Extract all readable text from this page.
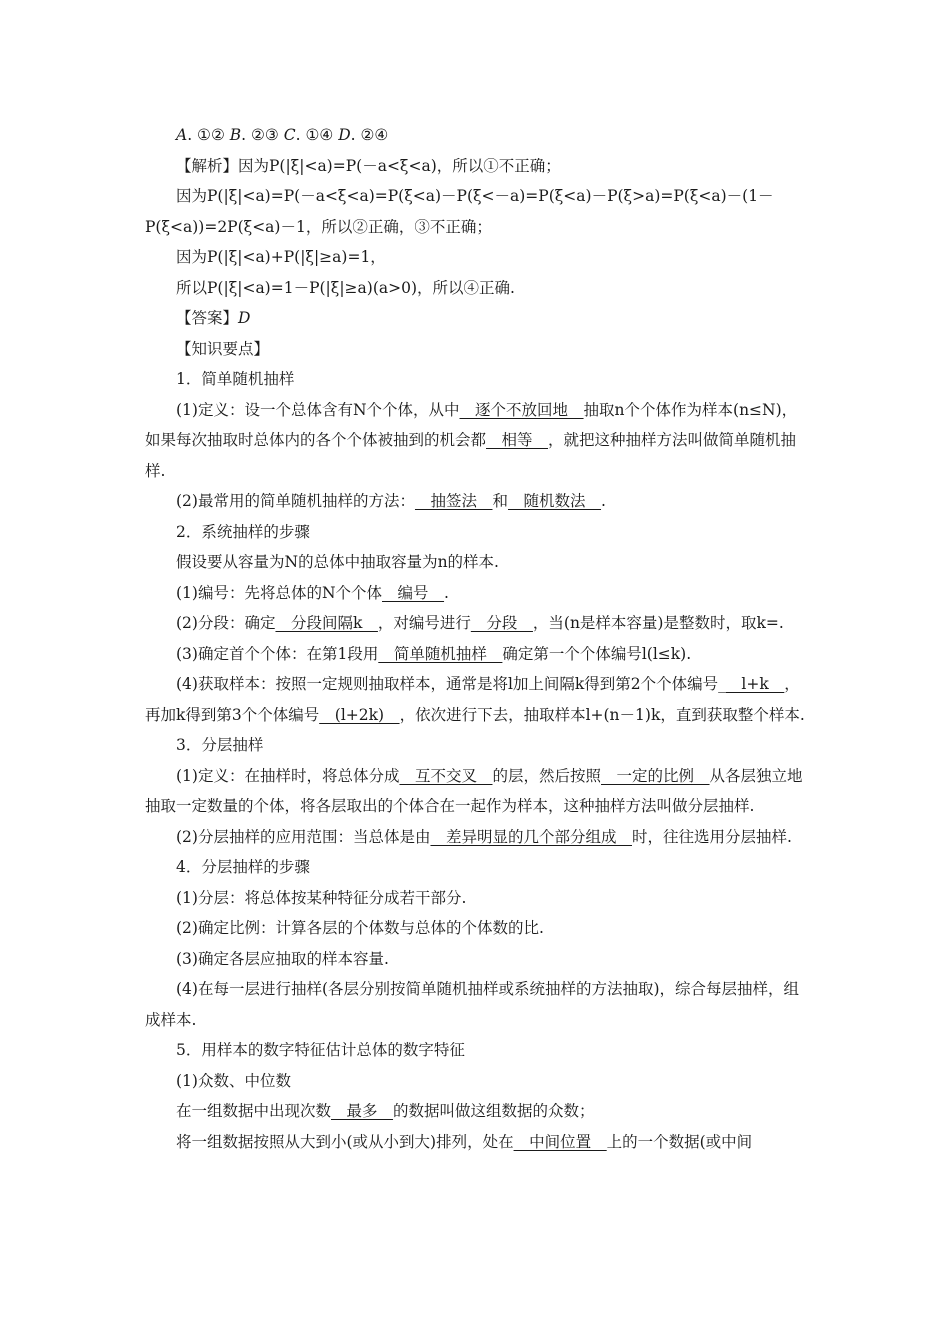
A. ①② B. ②③ C. ①④ D. ②④

【解析】因为P(|ξ|<a)=P(－a<ξ<a)，所以①不正确；

因为P(|ξ|<a)=P(－a<ξ<a)=P(ξ<a)－P(ξ<－a)=P(ξ<a)－P(ξ>a)=P(ξ<a)－(1－P(ξ<a))=2P(ξ<a)－1，所以②正确，③不正确；

因为P(|ξ|<a)+P(|ξ|≥a)=1，

所以P(|ξ|<a)=1－P(|ξ|≥a)(a>0)，所以④正确.

【答案】D

【知识要点】

1．简单随机抽样

(1)定义：设一个总体含有N个个体，从中__逐个不放回地__抽取n个个体作为样本(n≤N)，如果每次抽取时总体内的各个个体被抽到的机会都__相等__，就把这种抽样方法叫做简单随机抽样.

(2)最常用的简单随机抽样的方法：__抽签法__和__随机数法__.

2．系统抽样的步骤

假设要从容量为N的总体中抽取容量为n的样本.

(1)编号：先将总体的N个个体__编号__.

(2)分段：确定__分段间隔k__，对编号进行__分段__，当(n是样本容量)是整数时，取k=.

(3)确定首个个体：在第1段用__简单随机抽样__确定第一个个体编号l(l≤k).

(4)获取样本：按照一定规则抽取样本，通常是将l加上间隔k得到第2个个体编号___l+k__，再加k得到第3个个体编号__(l+2k)__，依次进行下去，抽取样本l+(n－1)k，直到获取整个样本.

3．分层抽样

(1)定义：在抽样时，将总体分成__互不交叉__的层，然后按照__一定的比例__从各层独立地抽取一定数量的个体，将各层取出的个体合在一起作为样本，这种抽样方法叫做分层抽样.

(2)分层抽样的应用范围：当总体是由__差异明显的几个部分组成__时，往往选用分层抽样.

4．分层抽样的步骤

(1)分层：将总体按某种特征分成若干部分.

(2)确定比例：计算各层的个体数与总体的个体数的比.

(3)确定各层应抽取的样本容量.

(4)在每一层进行抽样(各层分别按简单随机抽样或系统抽样的方法抽取)，综合每层抽样，组成样本.

5．用样本的数字特征估计总体的数字特征

(1)众数、中位数

在一组数据中出现次数__最多__的数据叫做这组数据的众数；

将一组数据按照从大到小(或从小到大)排列，处在__中间位置__上的一个数据(或中间
